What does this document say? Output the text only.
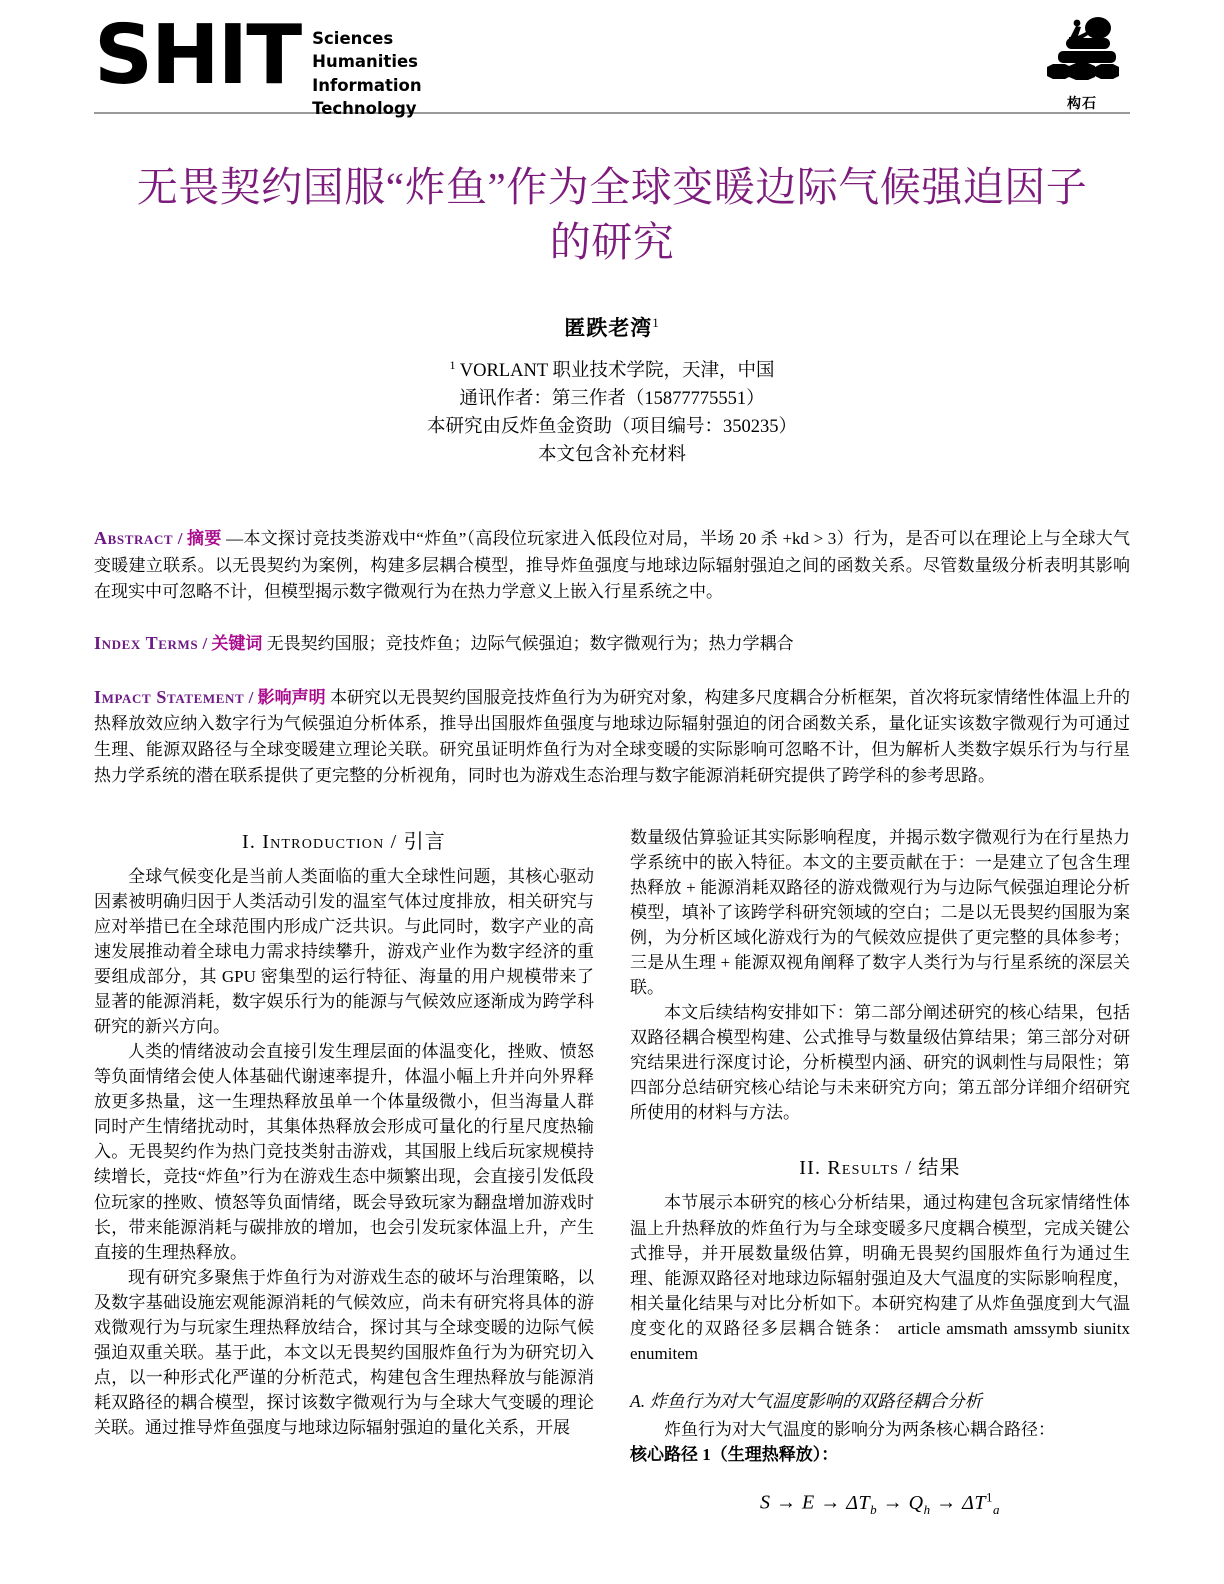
SHIT Sciences
Humanities
Information
Technology	构石
无畏契约国服“炸鱼”作为全球变暖边际气候强迫因子的研究
匿跌老湾$^1$
$^1$ VORLANT 职业技术学院，天津，中国
通讯作者：第三作者（15877775551）
本研究由反炸鱼金资助（项目编号：350235）
本文包含补充材料

Abstract / 摘要 —本文探讨竞技类游戏中“炸鱼”（高段位玩家进入低段位对局，半场 20 杀 +kd > 3）行为，是否可以在理论上与全球大气变暖建立联系。以无畏契约为案例，构建多层耦合模型，推导炸鱼强度与地球边际辐射强迫之间的函数关系。尽管数量级分析表明其影响在现实中可忽略不计，但模型揭示数字微观行为在热力学意义上嵌入行星系统之中。

Index Terms / 关键词 无畏契约国服；竞技炸鱼；边际气候强迫；数字微观行为；热力学耦合

Impact Statement / 影响声明 本研究以无畏契约国服竞技炸鱼行为为研究对象，构建多尺度耦合分析框架，首次将玩家情绪性体温上升的热释放效应纳入数字行为气候强迫分析体系，推导出国服炸鱼强度与地球边际辐射强迫的闭合函数关系，量化证实该数字微观行为可通过生理、能源双路径与全球变暖建立理论关联。研究虽证明炸鱼行为对全球变暖的实际影响可忽略不计，但为解析人类数字娱乐行为与行星热力学系统的潜在联系提供了更完整的分析视角，同时也为游戏生态治理与数字能源消耗研究提供了跨学科的参考思路。

I. Introduction / 引言

全球气候变化是当前人类面临的重大全球性问题，其核心驱动因素被明确归因于人类活动引发的温室气体过度排放，相关研究与应对举措已在全球范围内形成广泛共识。与此同时，数字产业的高速发展推动着全球电力需求持续攀升，游戏产业作为数字经济的重要组成部分，其 GPU 密集型的运行特征、海量的用户规模带来了显著的能源消耗，数字娱乐行为的能源与气候效应逐渐成为跨学科研究的新兴方向。

人类的情绪波动会直接引发生理层面的体温变化，挫败、愤怒等负面情绪会使人体基础代谢速率提升，体温小幅上升并向外界释放更多热量，这一生理热释放虽单一个体量级微小，但当海量人群同时产生情绪扰动时，其集体热释放会形成可量化的行星尺度热输入。无畏契约作为热门竞技类射击游戏，其国服上线后玩家规模持续增长，竞技“炸鱼”行为在游戏生态中频繁出现，会直接引发低段位玩家的挫败、愤怒等负面情绪，既会导致玩家为翻盘增加游戏时长，带来能源消耗与碳排放的增加，也会引发玩家体温上升，产生直接的生理热释放。

现有研究多聚焦于炸鱼行为对游戏生态的破坏与治理策略，以及数字基础设施宏观能源消耗的气候效应，尚未有研究将具体的游戏微观行为与玩家生理热释放结合，探讨其与全球变暖的边际气候强迫双重关联。基于此，本文以无畏契约国服炸鱼行为为研究切入点，以一种形式化严谨的分析范式，构建包含生理热释放与能源消耗双路径的耦合模型，探讨该数字微观行为与全球大气变暖的理论关联。通过推导炸鱼强度与地球边际辐射强迫的量化关系，开展

数量级估算验证其实际影响程度，并揭示数字微观行为在行星热力学系统中的嵌入特征。本文的主要贡献在于：一是建立了包含生理热释放 + 能源消耗双路径的游戏微观行为与边际气候强迫理论分析模型，填补了该跨学科研究领域的空白；二是以无畏契约国服为案例，为分析区域化游戏行为的气候效应提供了更完整的具体参考；三是从生理 + 能源双视角阐释了数字人类行为与行星系统的深层关联。

本文后续结构安排如下：第二部分阐述研究的核心结果，包括双路径耦合模型构建、公式推导与数量级估算结果；第三部分对研究结果进行深度讨论，分析模型内涵、研究的讽刺性与局限性；第四部分总结研究核心结论与未来研究方向；第五部分详细介绍研究所使用的材料与方法。

II. Results / 结果

本节展示本研究的核心分析结果，通过构建包含玩家情绪性体温上升热释放的炸鱼行为与全球变暖多尺度耦合模型，完成关键公式推导，并开展数量级估算，明确无畏契约国服炸鱼行为通过生理、能源双路径对地球边际辐射强迫及大气温度的实际影响程度，相关量化结果与对比分析如下。本研究构建了从炸鱼强度到大气温度变化的双路径多层耦合链条： article amsmath amssymb siunitx enumitem

A. 炸鱼行为对大气温度影响的双路径耦合分析

炸鱼行为对大气温度的影响分为两条核心耦合路径：

核心路径 1（生理热释放）：

$S \to E \to \Delta T_b \to Q_h \to \Delta T^1_a$
